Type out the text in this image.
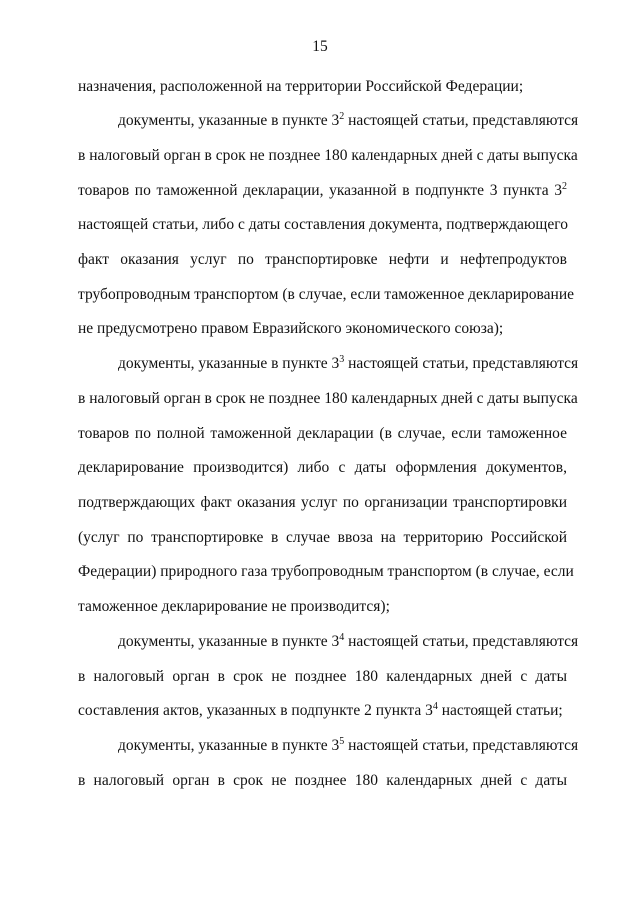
15
назначения, расположенной на территории Российской Федерации;
документы, указанные в пункте $3^2$ настоящей статьи, представляются
в налоговый орган в срок не позднее 180 календарных дней с даты выпуска
товаров по таможенной декларации, указанной в подпункте 3 пункта $3^2$
настоящей статьи, либо с даты составления документа, подтверждающего
факт оказания услуг по транспортировке нефти и нефтепродуктов
трубопроводным транспортом (в случае, если таможенное декларирование
не предусмотрено правом Евразийского экономического союза);
документы, указанные в пункте $3^3$ настоящей статьи, представляются
в налоговый орган в срок не позднее 180 календарных дней с даты выпуска
товаров по полной таможенной декларации (в случае, если таможенное
декларирование производится) либо с даты оформления документов,
подтверждающих факт оказания услуг по организации транспортировки
(услуг по транспортировке в случае ввоза на территорию Российской
Федерации) природного газа трубопроводным транспортом (в случае, если
таможенное декларирование не производится);
документы, указанные в пункте $3^4$ настоящей статьи, представляются
в налоговый орган в срок не позднее 180 календарных дней с даты
составления актов, указанных в подпункте 2 пункта $3^4$ настоящей статьи;
документы, указанные в пункте $3^5$ настоящей статьи, представляются
в налоговый орган в срок не позднее 180 календарных дней с даты
